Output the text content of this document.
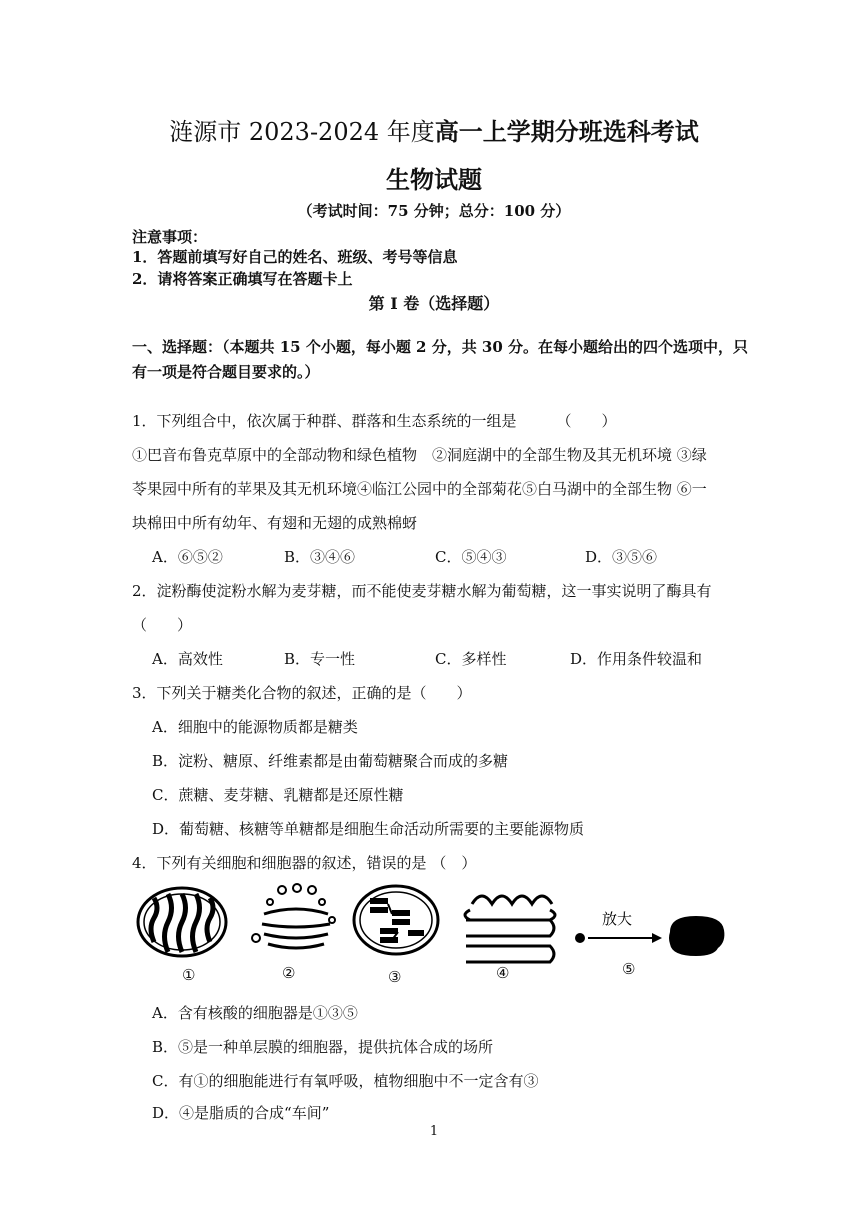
涟源市 2023-2024 年度高一上学期分班选科考试
生物试题
（考试时间：75 分钟；总分：100 分）
注意事项：
1．答题前填写好自己的姓名、班级、考号等信息
2．请将答案正确填写在答题卡上
第 I 卷（选择题）
一、选择题：（本题共 15 个小题，每小题 2 分，共 30 分。在每小题给出的四个选项中，只
有一项是符合题目要求的。）
1．下列组合中，依次属于种群、群落和生态系统的一组是	（　　）
①巴音布鲁克草原中的全部动物和绿色植物　②洞庭湖中的全部生物及其无机环境 ③绿
苓果园中所有的苹果及其无机环境④临江公园中的全部菊花⑤白马湖中的全部生物 ⑥一
块棉田中所有幼年、有翅和无翅的成熟棉蚜
A．⑥⑤②	B．③④⑥	C．⑤④③	D．③⑤⑥
2．淀粉酶使淀粉水解为麦芽糖，而不能使麦芽糖水解为葡萄糖，这一事实说明了酶具有
（　　）
A．高效性	B．专一性	C．多样性	D．作用条件较温和
3．下列关于糖类化合物的叙述，正确的是（　　）
A．细胞中的能源物质都是糖类
B．淀粉、糖原、纤维素都是由葡萄糖聚合而成的多糖
C．蔗糖、麦芽糖、乳糖都是还原性糖
D．葡萄糖、核糖等单糖都是细胞生命活动所需要的主要能源物质
4．下列有关细胞和细胞器的叙述，错误的是 （　）
放大
①	②	③	④	⑤
A．含有核酸的细胞器是①③⑤
B．⑤是一种单层膜的细胞器，提供抗体合成的场所
C．有①的细胞能进行有氧呼吸，植物细胞中不一定含有③
D．④是脂质的合成“车间”
1
